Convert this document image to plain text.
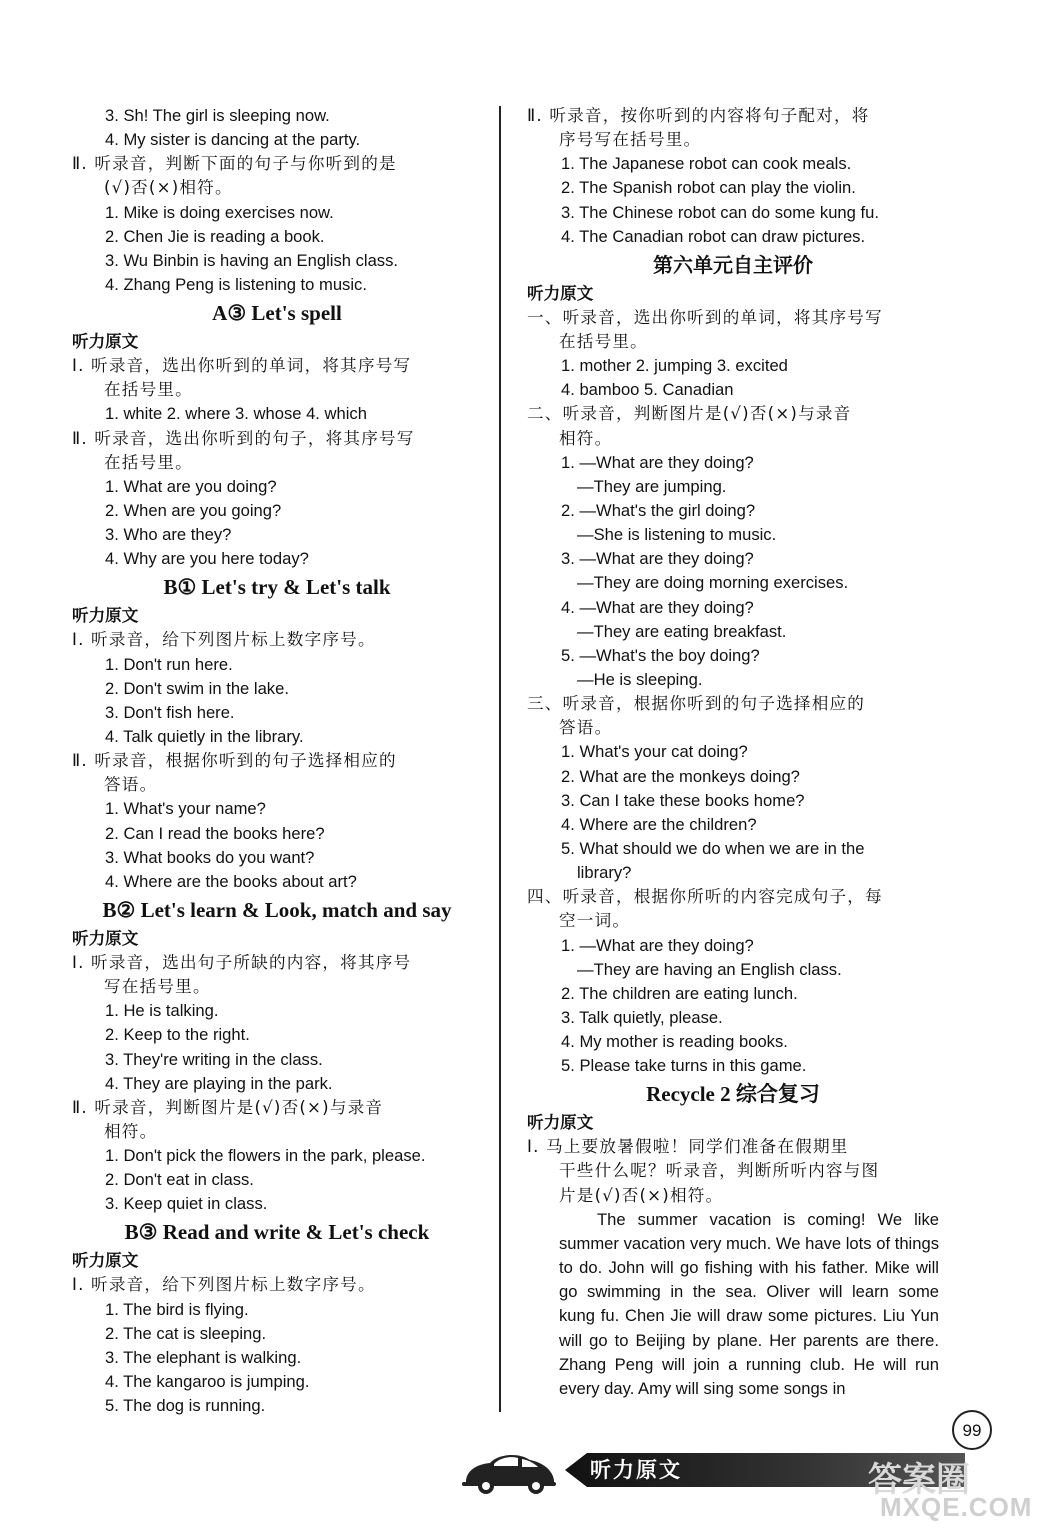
3. Sh! The girl is sleeping now.
4. My sister is dancing at the party.
Ⅱ. 听录音，判断下面的句子与你听到的是
(√)否(×)相符。
1. Mike is doing exercises now.
2. Chen Jie is reading a book.
3. Wu Binbin is having an English class.
4. Zhang Peng is listening to music.
A③ Let's spell
听力原文
Ⅰ. 听录音，选出你听到的单词，将其序号写
在括号里。
1. white 2. where 3. whose 4. which
Ⅱ. 听录音，选出你听到的句子，将其序号写
在括号里。
1. What are you doing?
2. When are you going?
3. Who are they?
4. Why are you here today?
B① Let's try & Let's talk
听力原文
Ⅰ. 听录音，给下列图片标上数字序号。
1. Don't run here.
2. Don't swim in the lake.
3. Don't fish here.
4. Talk quietly in the library.
Ⅱ. 听录音，根据你听到的句子选择相应的
答语。
1. What's your name?
2. Can I read the books here?
3. What books do you want?
4. Where are the books about art?
B② Let's learn & Look, match and say
听力原文
Ⅰ. 听录音，选出句子所缺的内容，将其序号
写在括号里。
1. He is talking.
2. Keep to the right.
3. They're writing in the class.
4. They are playing in the park.
Ⅱ. 听录音，判断图片是(√)否(×)与录音
相符。
1. Don't pick the flowers in the park, please.
2. Don't eat in class.
3. Keep quiet in class.
B③ Read and write & Let's check
听力原文
Ⅰ. 听录音，给下列图片标上数字序号。
1. The bird is flying.
2. The cat is sleeping.
3. The elephant is walking.
4. The kangaroo is jumping.
5. The dog is running.
Ⅱ. 听录音，按你听到的内容将句子配对，将
序号写在括号里。
1. The Japanese robot can cook meals.
2. The Spanish robot can play the violin.
3. The Chinese robot can do some kung fu.
4. The Canadian robot can draw pictures.
第六单元自主评价
听力原文
一、听录音，选出你听到的单词，将其序号写
在括号里。
1. mother 2. jumping 3. excited
4. bamboo 5. Canadian
二、听录音，判断图片是(√)否(×)与录音
相符。
1. —What are they doing?
—They are jumping.
2. —What's the girl doing?
—She is listening to music.
3. —What are they doing?
—They are doing morning exercises.
4. —What are they doing?
—They are eating breakfast.
5. —What's the boy doing?
—He is sleeping.
三、听录音，根据你听到的句子选择相应的
答语。
1. What's your cat doing?
2. What are the monkeys doing?
3. Can I take these books home?
4. Where are the children?
5. What should we do when we are in the
library?
四、听录音，根据你所听的内容完成句子，每
空一词。
1. —What are they doing?
—They are having an English class.
2. The children are eating lunch.
3. Talk quietly, please.
4. My mother is reading books.
5. Please take turns in this game.
Recycle 2 综合复习
听力原文
Ⅰ. 马上要放暑假啦！同学们准备在假期里
干些什么呢？听录音，判断所听内容与图
片是(√)否(×)相符。
The summer vacation is coming! We like summer vacation very much. We have lots of things to do. John will go fishing with his father. Mike will go swimming in the sea. Oliver will learn some kung fu. Chen Jie will draw some pictures. Liu Yun will go to Beijing by plane. Her parents are there. Zhang Peng will join a running club. He will run every day. Amy will sing some songs in
听力原文
99
答案圈
MXQE.COM
